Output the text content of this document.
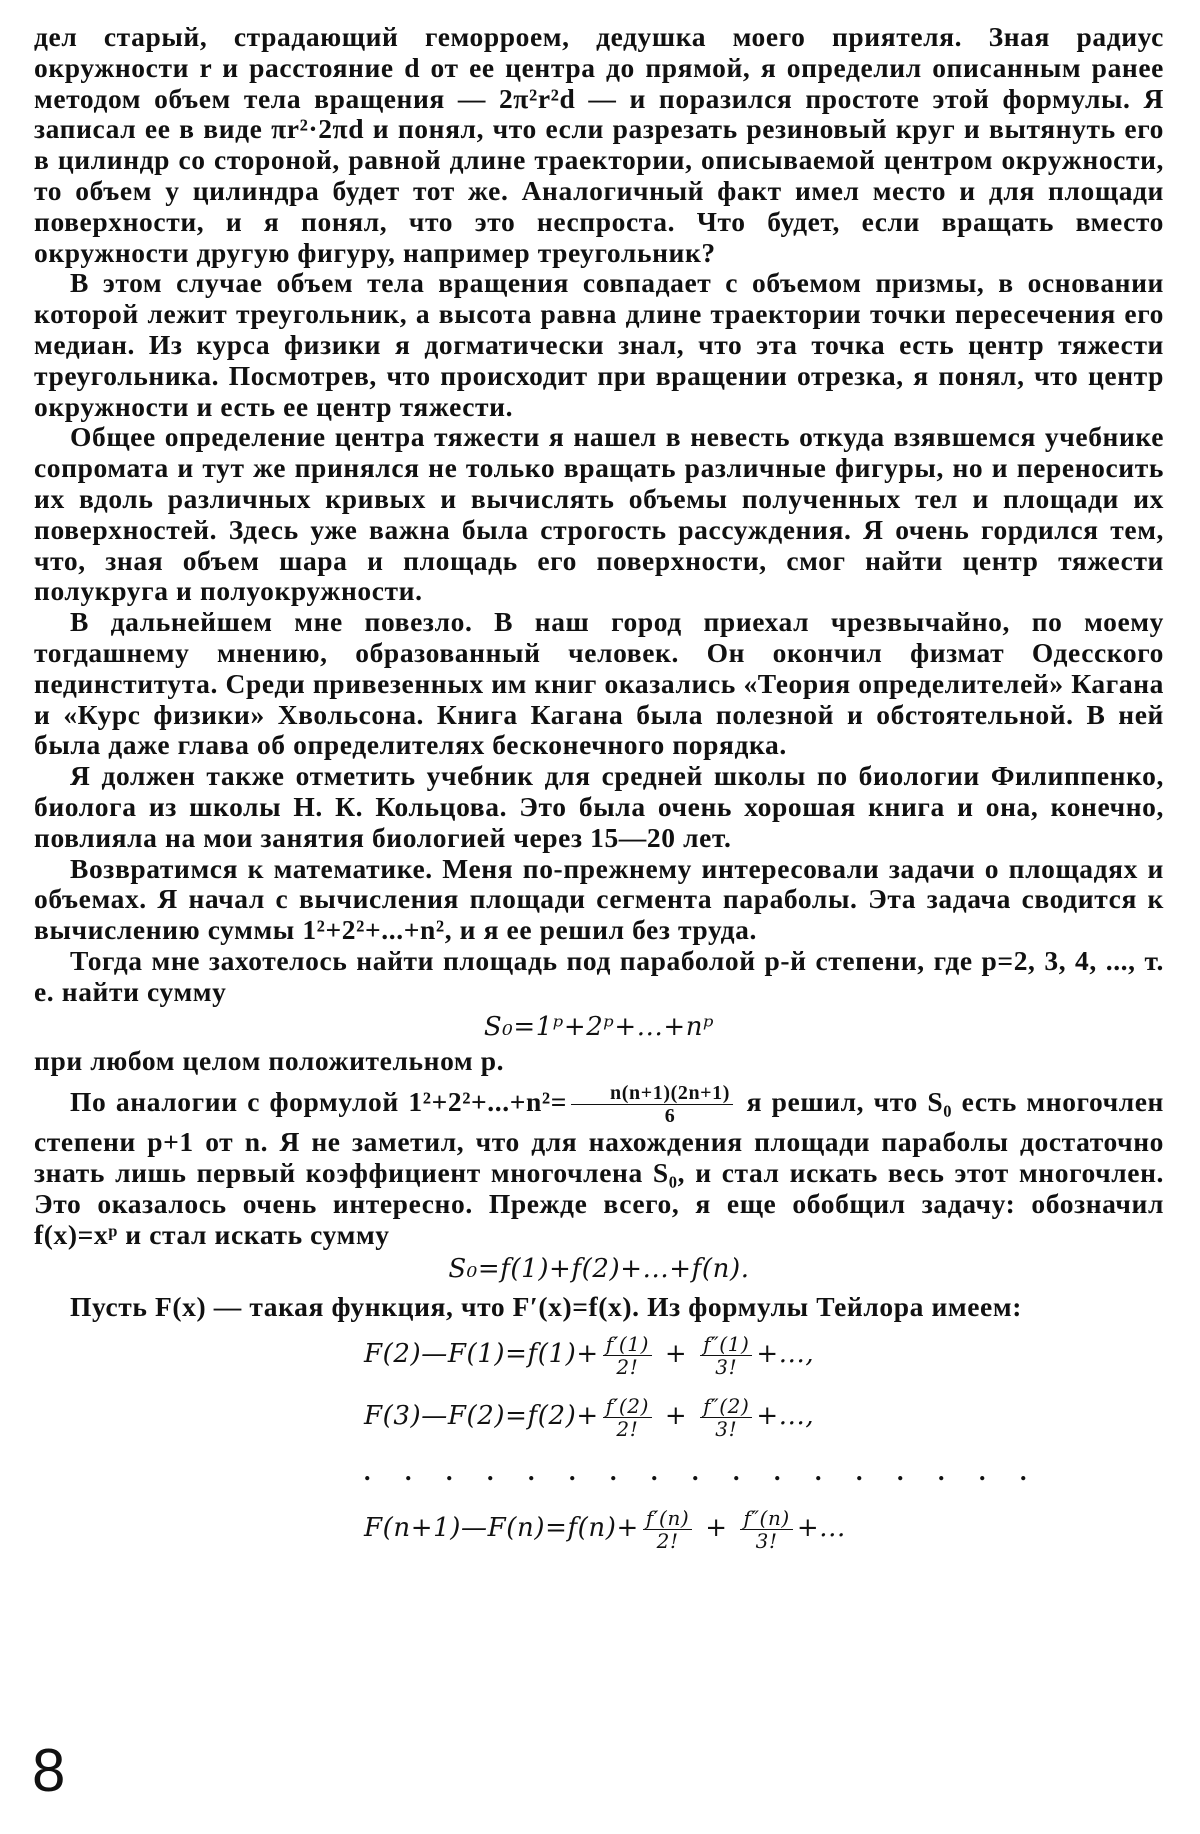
дел старый, страдающий геморроем, дедушка моего приятеля. Зная радиус окружности r и расстояние d от ее центра до прямой, я определил описанным ранее методом объем тела вращения — 2π²r²d — и поразился простоте этой формулы. Я записал ее в виде πr²·2πd и понял, что если разрезать резиновый круг и вытянуть его в цилиндр со стороной, равной длине траектории, описываемой центром окружности, то объем у цилиндра будет тот же. Аналогичный факт имел место и для площади поверхности, и я понял, что это неспроста. Что будет, если вращать вместо окружности другую фигуру, например треугольник?

В этом случае объем тела вращения совпадает с объемом призмы, в основании которой лежит треугольник, а высота равна длине траектории точки пересечения его медиан. Из курса физики я догматически знал, что эта точка есть центр тяжести треугольника. Посмотрев, что происходит при вращении отрезка, я понял, что центр окружности и есть ее центр тяжести.

Общее определение центра тяжести я нашел в невесть откуда взявшемся учебнике сопромата и тут же принялся не только вращать различные фигуры, но и переносить их вдоль различных кривых и вычислять объемы полученных тел и площади их поверхностей. Здесь уже важна была строгость рассуждения. Я очень гордился тем, что, зная объем шара и площадь его поверхности, смог найти центр тяжести полукруга и полуокружности.

В дальнейшем мне повезло. В наш город приехал чрезвычайно, по моему тогдашнему мнению, образованный человек. Он окончил физмат Одесского пединститута. Среди привезенных им книг оказались «Теория определителей» Кагана и «Курс физики» Хвольсона. Книга Кагана была полезной и обстоятельной. В ней была даже глава об определителях бесконечного порядка.

Я должен также отметить учебник для средней школы по биологии Филиппенко, биолога из школы Н. К. Кольцова. Это была очень хорошая книга и она, конечно, повлияла на мои занятия биологией через 15—20 лет.

Возвратимся к математике. Меня по-прежнему интересовали задачи о площадях и объемах. Я начал с вычисления площади сегмента параболы. Эта задача сводится к вычислению суммы 1²+2²+...+n², и я ее решил без труда.

Тогда мне захотелось найти площадь под параболой p-й степени, где p=2, 3, 4, ..., т. е. найти сумму

S₀=1ᵖ+2ᵖ+...+nᵖ

при любом целом положительном p.

По аналогии с формулой $1^2+2^2+...+n^2= \frac{n(n+1)(2n+1)}{6}$ я решил, что S₀ есть многочлен степени p+1 от n. Я не заметил, что для нахождения площади параболы достаточно знать лишь первый коэффициент многочлена S₀, и стал искать весь этот многочлен. Это оказалось очень интересно. Прежде всего, я еще обобщил задачу: обозначил f(x)=xᵖ и стал искать сумму

S₀=f(1)+f(2)+...+f(n).

Пусть F(x) — такая функция, что F′(x)=f(x). Из формулы Тейлора имеем:

F(2)—F(1)=f(1)+ $\frac{f'(1)}{2!} + \frac{f''(1)}{3!}$ +...,
F(3)—F(2)=f(2)+ $\frac{f'(2)}{2!} + \frac{f''(2)}{3!}$ +...,
. . . . . . . . . . . . . . . . .
F(n+1)—F(n)=f(n)+ $\frac{f'(n)}{2!} + \frac{f''(n)}{3!}$ +...
8
